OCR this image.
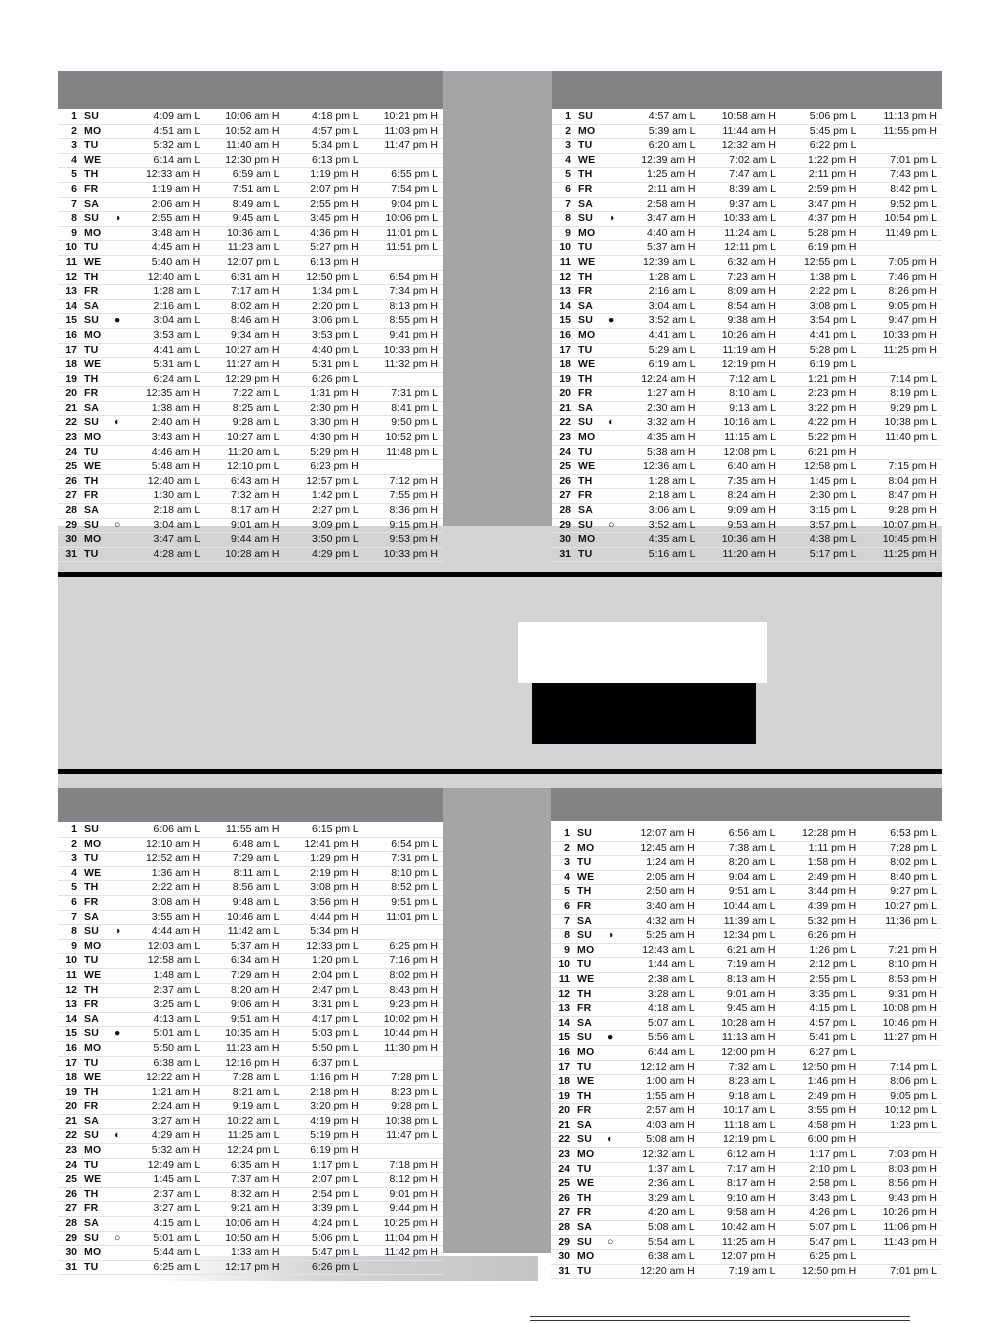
1	SU		4:09 am L	10:06 am H	4:18 pm L	10:21 pm H
2	MO		4:51 am L	10:52 am H	4:57 pm L	11:03 pm H
3	TU		5:32 am L	11:40 am H	5:34 pm L	11:47 pm H
4	WE		6:14 am L	12:30 pm H	6:13 pm L	
5	TH		12:33 am H	6:59 am L	1:19 pm H	6:55 pm L
6	FR		1:19 am H	7:51 am L	2:07 pm H	7:54 pm L
7	SA		2:06 am H	8:49 am L	2:55 pm H	9:04 pm L
8	SU	◑	2:55 am H	9:45 am L	3:45 pm H	10:06 pm L
9	MO		3:48 am H	10:36 am L	4:36 pm H	11:01 pm L
10	TU		4:45 am H	11:23 am L	5:27 pm H	11:51 pm L
11	WE		5:40 am H	12:07 pm L	6:13 pm H	
12	TH		12:40 am L	6:31 am H	12:50 pm L	6:54 pm H
13	FR		1:28 am L	7:17 am H	1:34 pm L	7:34 pm H
14	SA		2:16 am L	8:02 am H	2:20 pm L	8:13 pm H
15	SU	●	3:04 am L	8:46 am H	3:06 pm L	8:55 pm H
16	MO		3:53 am L	9:34 am H	3:53 pm L	9:41 pm H
17	TU		4:41 am L	10:27 am H	4:40 pm L	10:33 pm H
18	WE		5:31 am L	11:27 am H	5:31 pm L	11:32 pm H
19	TH		6:24 am L	12:29 pm H	6:26 pm L	
20	FR		12:35 am H	7:22 am L	1:31 pm H	7:31 pm L
21	SA		1:38 am H	8:25 am L	2:30 pm H	8:41 pm L
22	SU	◐	2:40 am H	9:28 am L	3:30 pm H	9:50 pm L
23	MO		3:43 am H	10:27 am L	4:30 pm H	10:52 pm L
24	TU		4:46 am H	11:20 am L	5:29 pm H	11:48 pm L
25	WE		5:48 am H	12:10 pm L	6:23 pm H	
26	TH		12:40 am L	6:43 am H	12:57 pm L	7:12 pm H
27	FR		1:30 am L	7:32 am H	1:42 pm L	7:55 pm H
28	SA		2:18 am L	8:17 am H	2:27 pm L	8:36 pm H
29	SU	○	3:04 am L	9:01 am H	3:09 pm L	9:15 pm H
30	MO		3:47 am L	9:44 am H	3:50 pm L	9:53 pm H
31	TU		4:28 am L	10:28 am H	4:29 pm L	10:33 pm H
1	SU		4:57 am L	10:58 am H	5:06 pm L	11:13 pm H
2	MO		5:39 am L	11:44 am H	5:45 pm L	11:55 pm H
3	TU		6:20 am L	12:32 am H	6:22 pm L	
4	WE		12:39 am H	7:02 am L	1:22 pm H	7:01 pm L
5	TH		1:25 am H	7:47 am L	2:11 pm H	7:43 pm L
6	FR		2:11 am H	8:39 am L	2:59 pm H	8:42 pm L
7	SA		2:58 am H	9:37 am L	3:47 pm H	9:52 pm L
8	SU	◑	3:47 am H	10:33 am L	4:37 pm H	10:54 pm L
9	MO		4:40 am H	11:24 am L	5:28 pm H	11:49 pm L
10	TU		5:37 am H	12:11 pm L	6:19 pm H	
11	WE		12:39 am L	6:32 am H	12:55 pm L	7:05 pm H
12	TH		1:28 am L	7:23 am H	1:38 pm L	7:46 pm H
13	FR		2:16 am L	8:09 am H	2:22 pm L	8:26 pm H
14	SA		3:04 am L	8:54 am H	3:08 pm L	9:05 pm H
15	SU	●	3:52 am L	9:38 am H	3:54 pm L	9:47 pm H
16	MO		4:41 am L	10:26 am H	4:41 pm L	10:33 pm H
17	TU		5:29 am L	11:19 am H	5:28 pm L	11:25 pm H
18	WE		6:19 am L	12:19 pm H	6:19 pm L	
19	TH		12:24 am H	7:12 am L	1:21 pm H	7:14 pm L
20	FR		1:27 am H	8:10 am L	2:23 pm H	8:19 pm L
21	SA		2:30 am H	9:13 am L	3:22 pm H	9:29 pm L
22	SU	◐	3:32 am H	10:16 am L	4:22 pm H	10:38 pm L
23	MO		4:35 am H	11:15 am L	5:22 pm H	11:40 pm L
24	TU		5:38 am H	12:08 pm L	6:21 pm H	
25	WE		12:36 am L	6:40 am H	12:58 pm L	7:15 pm H
26	TH		1:28 am L	7:35 am H	1:45 pm L	8:04 pm H
27	FR		2:18 am L	8:24 am H	2:30 pm L	8:47 pm H
28	SA		3:06 am L	9:09 am H	3:15 pm L	9:28 pm H
29	SU	○	3:52 am L	9:53 am H	3:57 pm L	10:07 pm H
30	MO		4:35 am L	10:36 am H	4:38 pm L	10:45 pm H
31	TU		5:16 am L	11:20 am H	5:17 pm L	11:25 pm H
1	SU		6:06 am L	11:55 am H	6:15 pm L	
2	MO		12:10 am H	6:48 am L	12:41 pm H	6:54 pm L
3	TU		12:52 am H	7:29 am L	1:29 pm H	7:31 pm L
4	WE		1:36 am H	8:11 am L	2:19 pm H	8:10 pm L
5	TH		2:22 am H	8:56 am L	3:08 pm H	8:52 pm L
6	FR		3:08 am H	9:48 am L	3:56 pm H	9:51 pm L
7	SA		3:55 am H	10:46 am L	4:44 pm H	11:01 pm L
8	SU	◑	4:44 am H	11:42 am L	5:34 pm H	
9	MO		12:03 am L	5:37 am H	12:33 pm L	6:25 pm H
10	TU		12:58 am L	6:34 am H	1:20 pm L	7:16 pm H
11	WE		1:48 am L	7:29 am H	2:04 pm L	8:02 pm H
12	TH		2:37 am L	8:20 am H	2:47 pm L	8:43 pm H
13	FR		3:25 am L	9:06 am H	3:31 pm L	9:23 pm H
14	SA		4:13 am L	9:51 am H	4:17 pm L	10:02 pm H
15	SU	●	5:01 am L	10:35 am H	5:03 pm L	10:44 pm H
16	MO		5:50 am L	11:23 am H	5:50 pm L	11:30 pm H
17	TU		6:38 am L	12:16 pm H	6:37 pm L	
18	WE		12:22 am H	7:28 am L	1:16 pm H	7:28 pm L
19	TH		1:21 am H	8:21 am L	2:18 pm H	8:23 pm L
20	FR		2:24 am H	9:19 am L	3:20 pm H	9:28 pm L
21	SA		3:27 am H	10:22 am L	4:19 pm H	10:38 pm L
22	SU	◐	4:29 am H	11:25 am L	5:19 pm H	11:47 pm L
23	MO		5:32 am H	12:24 pm L	6:19 pm H	
24	TU		12:49 am L	6:35 am H	1:17 pm L	7:18 pm H
25	WE		1:45 am L	7:37 am H	2:07 pm L	8:12 pm H
26	TH		2:37 am L	8:32 am H	2:54 pm L	9:01 pm H
27	FR		3:27 am L	9:21 am H	3:39 pm L	9:44 pm H
28	SA		4:15 am L	10:06 am H	4:24 pm L	10:25 pm H
29	SU	○	5:01 am L	10:50 am H	5:06 pm L	11:04 pm H
30	MO		5:44 am L	1:33 am H	5:47 pm L	11:42 pm H
31	TU		6:25 am L	12:17 pm H	6:26 pm L	
1	SU		12:07 am H	6:56 am L	12:28 pm H	6:53 pm L
2	MO		12:45 am H	7:38 am L	1:11 pm H	7:28 pm L
3	TU		1:24 am H	8:20 am L	1:58 pm H	8:02 pm L
4	WE		2:05 am H	9:04 am L	2:49 pm H	8:40 pm L
5	TH		2:50 am H	9:51 am L	3:44 pm H	9:27 pm L
6	FR		3:40 am H	10:44 am L	4:39 pm H	10:27 pm L
7	SA		4:32 am H	11:39 am L	5:32 pm H	11:36 pm L
8	SU	◑	5:25 am H	12:34 pm L	6:26 pm H	
9	MO		12:43 am L	6:21 am H	1:26 pm L	7:21 pm H
10	TU		1:44 am L	7:19 am H	2:12 pm L	8:10 pm H
11	WE		2:38 am L	8:13 am H	2:55 pm L	8:53 pm H
12	TH		3:28 am L	9:01 am H	3:35 pm L	9:31 pm H
13	FR		4:18 am L	9:45 am H	4:15 pm L	10:08 pm H
14	SA		5:07 am L	10:28 am H	4:57 pm L	10:46 pm H
15	SU	●	5:56 am L	11:13 am H	5:41 pm L	11:27 pm H
16	MO		6:44 am L	12:00 pm H	6:27 pm L	
17	TU		12:12 am H	7:32 am L	12:50 pm H	7:14 pm L
18	WE		1:00 am H	8:23 am L	1:46 pm H	8:06 pm L
19	TH		1:55 am H	9:18 am L	2:49 pm H	9:05 pm L
20	FR		2:57 am H	10:17 am L	3:55 pm H	10:12 pm L
21	SA		4:03 am H	11:18 am L	4:58 pm H	1:23 pm L
22	SU	◐	5:08 am H	12:19 pm L	6:00 pm H	
23	MO		12:32 am L	6:12 am H	1:17 pm L	7:03 pm H
24	TU		1:37 am L	7:17 am H	2:10 pm L	8:03 pm H
25	WE		2:36 am L	8:17 am H	2:58 pm L	8:56 pm H
26	TH		3:29 am L	9:10 am H	3:43 pm L	9:43 pm H
27	FR		4:20 am L	9:58 am H	4:26 pm L	10:26 pm H
28	SA		5:08 am L	10:42 am H	5:07 pm L	11:06 pm H
29	SU	○	5:54 am L	11:25 am H	5:47 pm L	11:43 pm H
30	MO		6:38 am L	12:07 pm H	6:25 pm L	
31	TU		12:20 am H	7:19 am L	12:50 pm H	7:01 pm L
